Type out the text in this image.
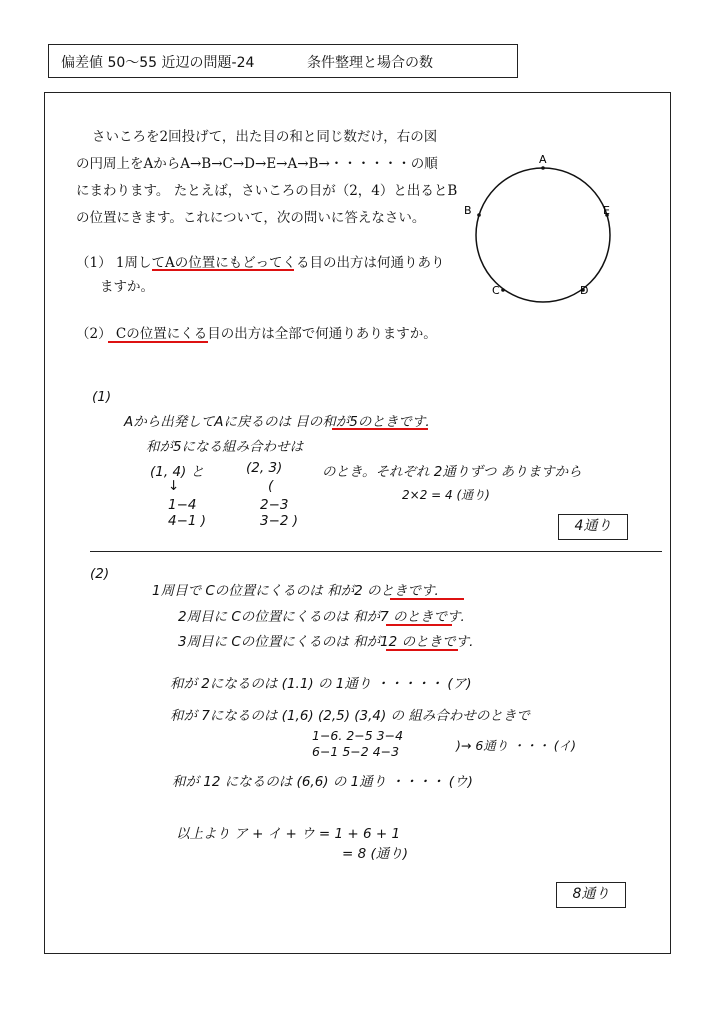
偏差値 50〜55 近辺の問題-24	条件整理と場合の数
さいころを2回投げて，出た目の和と同じ数だけ，右の図
の円周上をAからA→B→C→D→E→A→B→・・・・・・の順
にまわります。 たとえば，さいころの目が（2，4）と出るとB
の位置にきます。これについて，次の問いに答えなさい。
（1） 1周してAの位置にもどってくる目の出方は何通りあり
ますか。
（2） Cの位置にくる目の出方は全部で何通りありますか。
A
B
C	D
E
(1)
Aから出発してAに戻るのは 目の和が5のときです.
和が5になる組み合わせは
(1, 4) と	(2, 3)	のとき。それぞれ 2通りずつ ありますから
↓	(
1−4
4−1 )
2−3
3−2 )
2×2 = 4 (通り)
4通り
(2)
1周目で Cの位置にくるのは 和が2 のときです.
2周目に Cの位置にくるのは 和が7 のときです.
3周目に Cの位置にくるのは 和が12 のときです.
和が 2になるのは (1.1) の 1通り ・・・・・ (ア)
和が 7になるのは (1,6) (2,5) (3,4) の 組み合わせのときで
1−6. 2−5 3−4
6−1 5−2 4−3	)→ 6通り ・・・ (イ)
和が 12 になるのは (6,6) の 1通り ・・・・ (ウ)
以上より ア + イ + ウ = 1 + 6 + 1
= 8 (通り)
8通り
